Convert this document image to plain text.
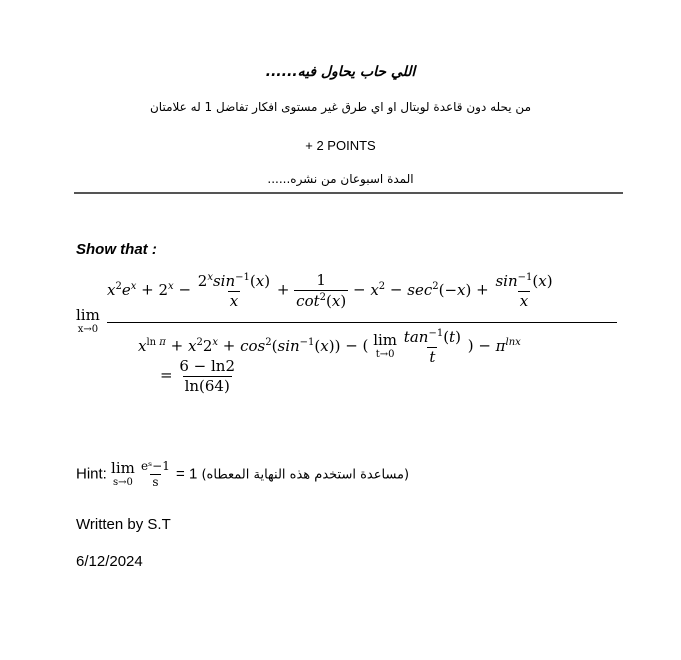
اللي حاب يحاول فيه......
من يحله دون قاعدة لوبتال او اي طرق غير مستوى افكار تفاضل 1 له علامتان
+ 2 POINTS
المدة اسبوعان من نشره......
Show that :
lim
x→0
$x^2e^x + 2^x - \frac{2^x\sin^{-1}(x)}{x} + \frac{1}{\cot^2(x)} - x^2 - \sec^2(-x) + \frac{\sin^{-1}(x)}{x}$
$x^{ln \pi} + x^22^x + \cos^2(\sin^{-1}(x))$ − ( lim
t→0
$\frac{\tan^{-1}(t)}{t}$ ) − $\pi^{lnx}$
= $\frac{6 - \ln 2}{\ln(64)}$
Hint: lim
s→0
$\frac{\text{eˢ−1}}{s} = 1$ (مساعدة استخدم هذه النهاية المعطاه)
Written by S.T
6/12/2024
